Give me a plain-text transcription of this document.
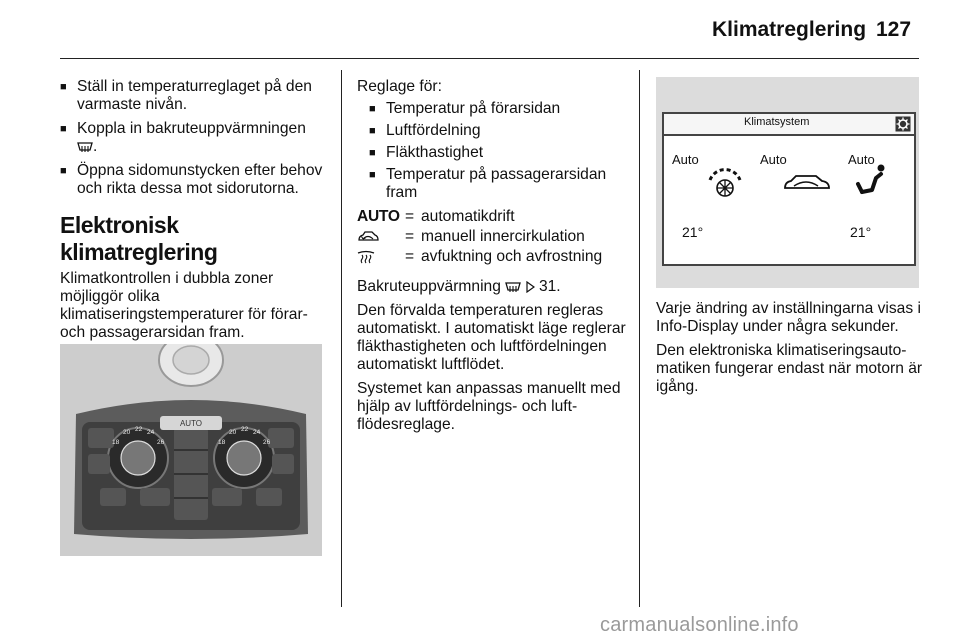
Klimatreglering 127
■ Ställ in temperaturreglaget på den varmaste nivån.
■ Koppla in bakruteuppvärmningen .
■ Öppna sidomunstycken efter behov och rikta dessa mot sidorutorna.
Elektronisk klimatreglering
Klimatkontrollen i dubbla zoner möjliggör olika klimatiseringstemperaturer för förar- och passagerarsidan fram.
AUTO
18
20 22 24
26	18
20 22 24
26
Reglage för:
■ Temperatur på förarsidan
■ Luftfördelning
■ Fläkthastighet
■ Temperatur på passagerarsidan fram
AUTO = automatikdrift
= manuell innercirkulation
= avfuktning och avfrostning
Bakruteuppvärmning 31.
Den förvalda temperaturen regleras automatiskt. I automatiskt läge reglerar fläkthastigheten och luftfördelningen automatiskt luftflödet.
Systemet kan anpassas manuellt med hjälp av luftfördelnings- och luftflödesreglage.
Klimatsystem
Auto	Auto	Auto
21°	21°
Varje ändring av inställningarna visas i Info-Display under några sekunder.
Den elektroniska klimatiseringsautomatiken fungerar endast när motorn är igång.
carmanualsonline.info
